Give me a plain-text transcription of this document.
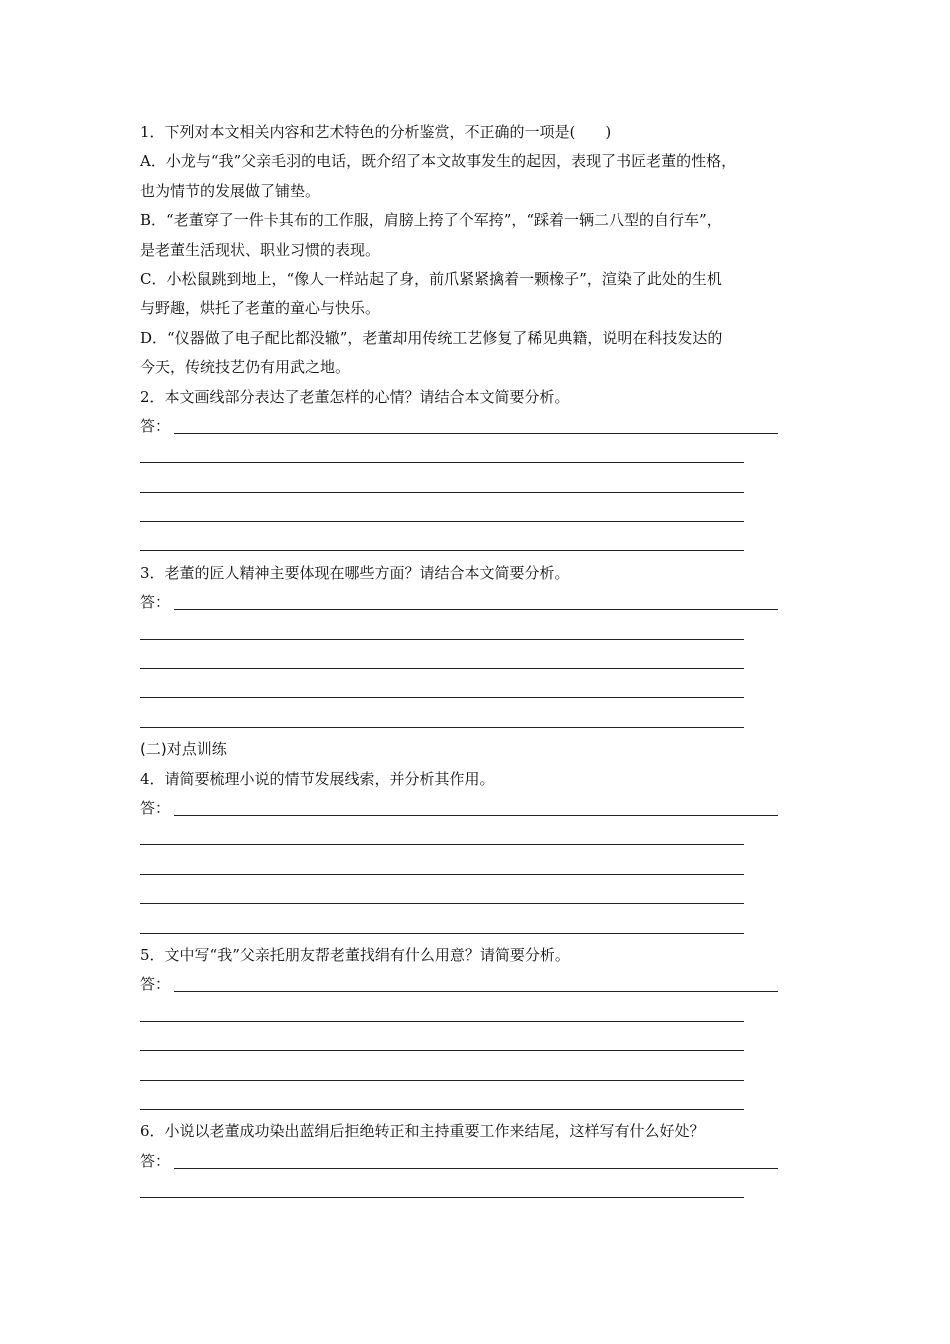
1．下列对本文相关内容和艺术特色的分析鉴赏，不正确的一项是(　　)
A．小龙与“我”父亲毛羽的电话，既介绍了本文故事发生的起因，表现了书匠老董的性格，
也为情节的发展做了铺垫。
B．“老董穿了一件卡其布的工作服，肩膀上挎了个军挎”，“踩着一辆二八型的自行车”，
是老董生活现状、职业习惯的表现。
C．小松鼠跳到地上，“像人一样站起了身，前爪紧紧擒着一颗橡子”，渲染了此处的生机
与野趣，烘托了老董的童心与快乐。
D．“仪器做了电子配比都没辙”，老董却用传统工艺修复了稀见典籍，说明在科技发达的
今天，传统技艺仍有用武之地。
2．本文画线部分表达了老董怎样的心情？请结合本文简要分析。
答：
3．老董的匠人精神主要体现在哪些方面？请结合本文简要分析。
答：
(二)对点训练
4．请简要梳理小说的情节发展线索，并分析其作用。
答：
5．文中写“我”父亲托朋友帮老董找绢有什么用意？请简要分析。
答：
6．小说以老董成功染出蓝绢后拒绝转正和主持重要工作来结尾，这样写有什么好处？
答：
